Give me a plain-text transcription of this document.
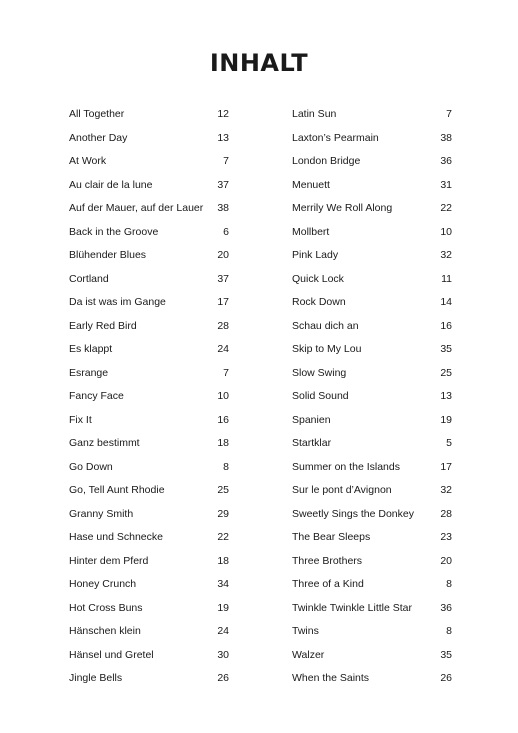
INHALT
All Together	12
Another Day	13
At Work	7
Au clair de la lune	37
Auf der Mauer, auf der Lauer 38
Back in the Groove	6
Blühender Blues	20
Cortland	37
Da ist was im Gange	17
Early Red Bird	28
Es klappt	24
Esrange	7
Fancy Face	10
Fix It	16
Ganz bestimmt	18
Go Down	8
Go, Tell Aunt Rhodie	25
Granny Smith	29
Hase und Schnecke	22
Hinter dem Pferd	18
Honey Crunch	34
Hot Cross Buns	19
Hänschen klein	24
Hänsel und Gretel	30
Jingle Bells	26
Latin Sun	7
Laxton’s Pearmain	38
London Bridge	36
Menuett	31
Merrily We Roll Along	22
Mollbert	10
Pink Lady	32
Quick Lock	11
Rock Down	14
Schau dich an	16
Skip to My Lou	35
Slow Swing	25
Solid Sound	13
Spanien	19
Startklar	5
Summer on the Islands	17
Sur le pont d’Avignon	32
Sweetly Sings the Donkey	28
The Bear Sleeps	23
Three Brothers	20
Three of a Kind	8
Twinkle Twinkle Little Star	36
Twins	8
Walzer	35
When the Saints	26
